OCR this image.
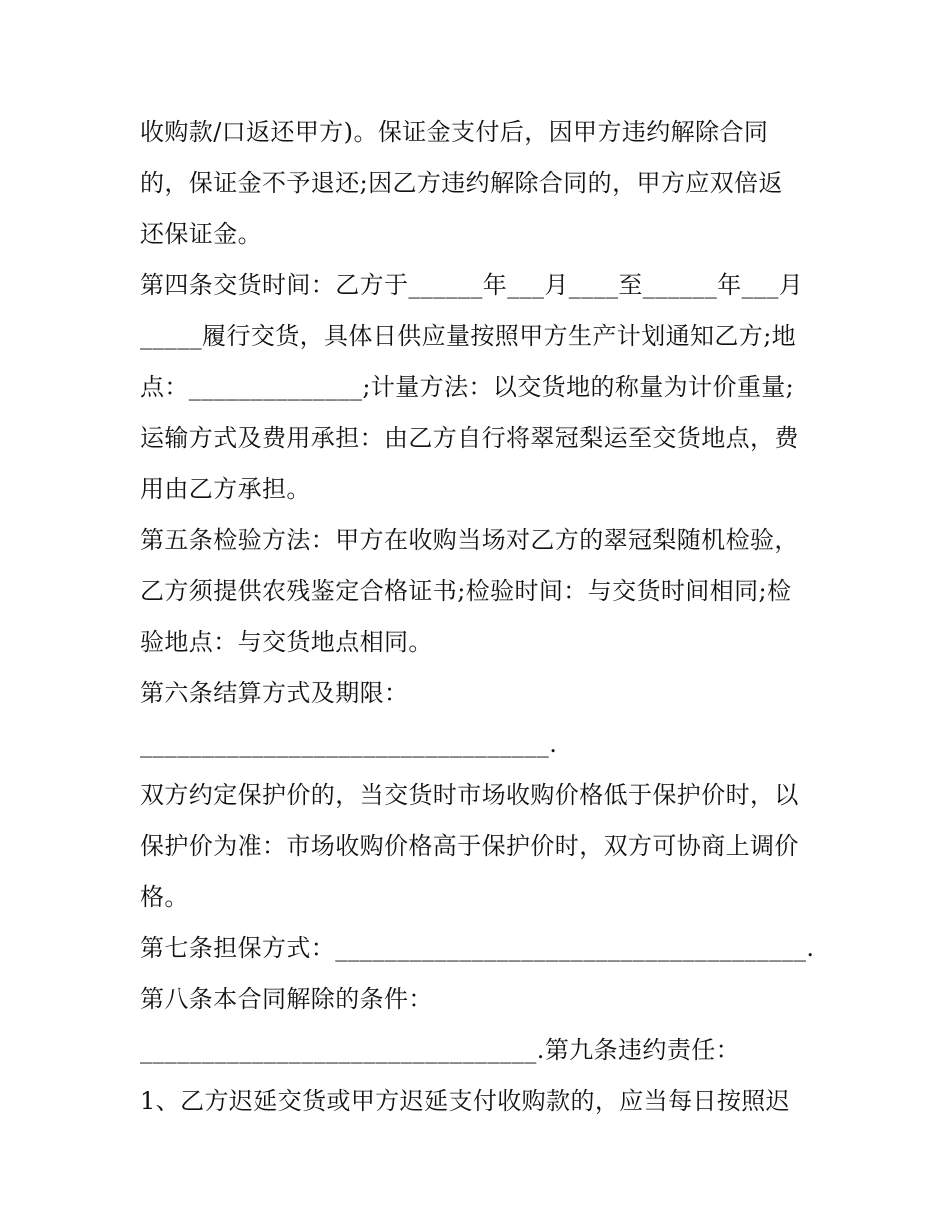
收购款/口返还甲方)。保证金支付后，因甲方违约解除合同
的，保证金不予退还;因乙方违约解除合同的，甲方应双倍返
还保证金。
第四条交货时间：乙方于______年___月____至______年___月
_____履行交货，具体日供应量按照甲方生产计划通知乙方;地
点：______________;计量方法：以交货地的称量为计价重量;
运输方式及费用承担：由乙方自行将翠冠梨运至交货地点，费
用由乙方承担。
第五条检验方法：甲方在收购当场对乙方的翠冠梨随机检验，
乙方须提供农残鉴定合格证书;检验时间：与交货时间相同;检
验地点：与交货地点相同。
第六条结算方式及期限：
_________________________________.
双方约定保护价的，当交货时市场收购价格低于保护价时，以
保护价为准：市场收购价格高于保护价时，双方可协商上调价
格。
第七条担保方式：______________________________________.
第八条本合同解除的条件：
________________________________.第九条违约责任：
1、乙方迟延交货或甲方迟延支付收购款的，应当每日按照迟
